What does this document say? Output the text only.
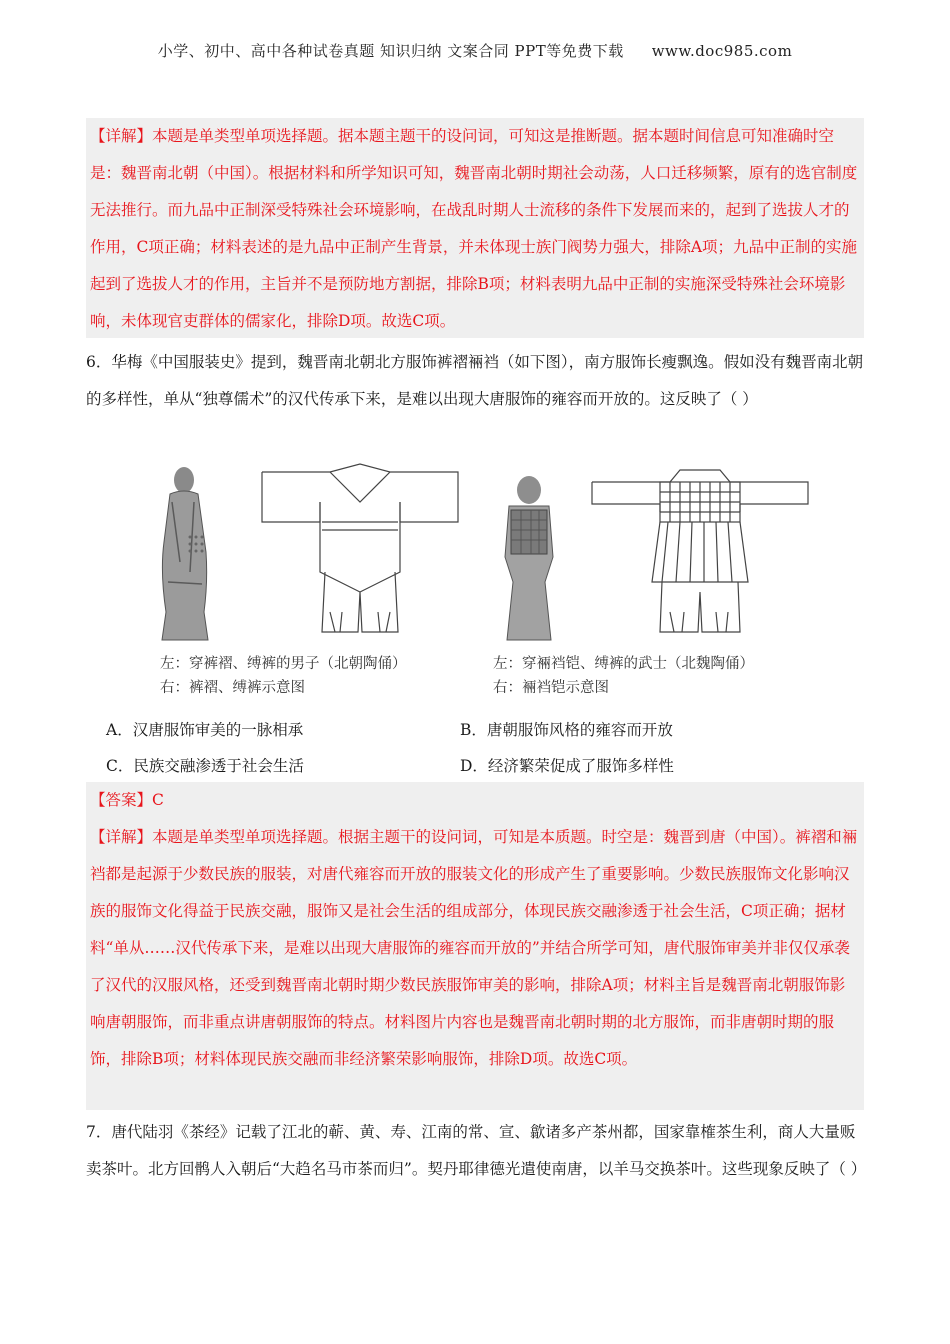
小学、初中、高中各种试卷真题 知识归纳 文案合同 PPT等免费下载 www.doc985.com
【详解】本题是单类型单项选择题。据本题主题干的设问词，可知这是推断题。据本题时间信息可知准确时空是：魏晋南北朝（中国）。根据材料和所学知识可知，魏晋南北朝时期社会动荡，人口迁移频繁，原有的选官制度无法推行。而九品中正制深受特殊社会环境影响，在战乱时期人士流移的条件下发展而来的，起到了选拔人才的作用，C项正确；材料表述的是九品中正制产生背景，并未体现士族门阀势力强大，排除A项；九品中正制的实施起到了选拔人才的作用，主旨并不是预防地方割据，排除B项；材料表明九品中正制的实施深受特殊社会环境影响，未体现官吏群体的儒家化，排除D项。故选C项。
6．华梅《中国服装史》提到，魏晋南北朝北方服饰裤褶裲裆（如下图），南方服饰长瘦飘逸。假如没有魏晋南北朝的多样性，单从“独尊儒术”的汉代传承下来，是难以出现大唐服饰的雍容而开放的。这反映了（ ）
左：穿裤褶、缚裤的男子（北朝陶俑）
右：裤褶、缚裤示意图
左：穿裲裆铠、缚裤的武士（北魏陶俑）
右：裲裆铠示意图
A．汉唐服饰审美的一脉相承	B．唐朝服饰风格的雍容而开放
C．民族交融渗透于社会生活	D．经济繁荣促成了服饰多样性
【答案】C
【详解】本题是单类型单项选择题。根据主题干的设问词，可知是本质题。时空是：魏晋到唐（中国）。裤褶和裲裆都是起源于少数民族的服装，对唐代雍容而开放的服装文化的形成产生了重要影响。少数民族服饰文化影响汉族的服饰文化得益于民族交融，服饰又是社会生活的组成部分，体现民族交融渗透于社会生活，C项正确；据材料“单从……汉代传承下来，是难以出现大唐服饰的雍容而开放的”并结合所学可知，唐代服饰审美并非仅仅承袭了汉代的汉服风格，还受到魏晋南北朝时期少数民族服饰审美的影响，排除A项；材料主旨是魏晋南北朝服饰影响唐朝服饰，而非重点讲唐朝服饰的特点。材料图片内容也是魏晋南北朝时期的北方服饰，而非唐朝时期的服饰，排除B项；材料体现民族交融而非经济繁荣影响服饰，排除D项。故选C项。
7．唐代陆羽《茶经》记载了江北的蕲、黄、寿、江南的常、宣、歙诸多产茶州都，国家靠榷茶生利，商人大量贩卖茶叶。北方回鹘人入朝后“大趋名马市茶而归”。契丹耶律德光遣使南唐，以羊马交换茶叶。这些现象反映了（ ）
